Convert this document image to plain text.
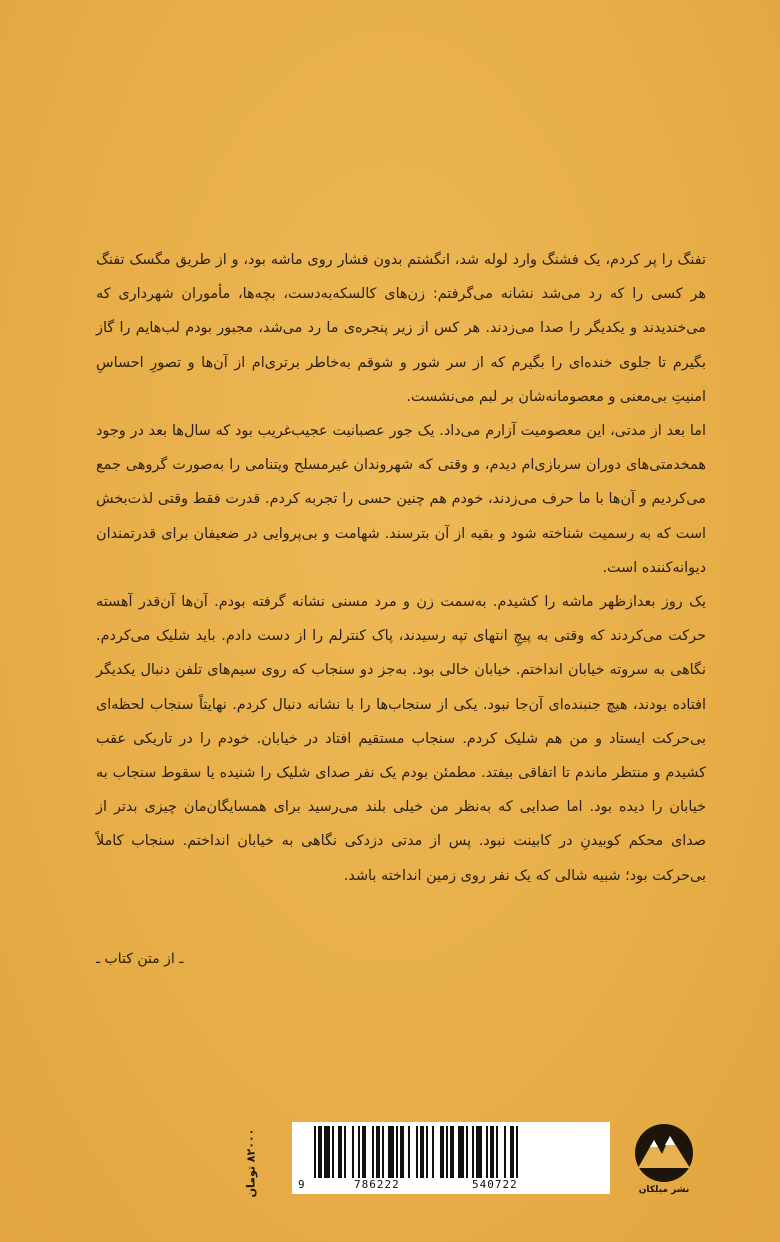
تفنگ را پر کردم، یک فشنگ وارد لوله شد، انگشتم بدون فشار روی ماشه بود، و از طریق مگسک تفنگ هر کسی را که رد می‌شد نشانه می‌گرفتم: زن‌های کالسکه‌به‌دست، بچه‌ها، مأموران شهرداری که می‌خندیدند و یکدیگر را صدا می‌زدند. هر کس از زیر پنجره‌ی ما رد می‌شد، مجبور بودم لب‌هایم را گاز بگیرم تا جلوی خنده‌ای را بگیرم که از سر شور و شوقم به‌خاطر برتری‌ام از آن‌ها و تصورِ احساسِ امنیتِ بی‌معنی و معصومانه‌شان بر لبم می‌نشست.

اما بعد از مدتی، این معصومیت آزارم می‌داد. یک جور عصبانیت عجیب‌غریب بود که سال‌ها بعد در وجود همخدمتی‌های دوران سربازی‌ام دیدم، و وقتی که شهروندان غیرمسلح ویتنامی را به‌صورت گروهی جمع می‌کردیم و آن‌ها با ما حرف می‌زدند، خودم هم چنین حسی را تجربه کردم. قدرت فقط وقتی لذت‌بخش است که به رسمیت شناخته شود و بقیه از آن بترسند. شهامت و بی‌پروایی در ضعیفان برای قدرتمندان دیوانه‌کننده است.

یک روز بعدازظهر ماشه را کشیدم. به‌سمت زن و مرد مسنی نشانه گرفته بودم. آن‌ها آن‌قدر آهسته حرکت می‌کردند که وقتی به پیچِ انتهای تپه رسیدند، پاک کنترلم را از دست دادم. باید شلیک می‌کردم. نگاهی به سروته خیابان انداختم. خیابان خالی بود. به‌جز دو سنجاب که روی سیم‌های تلفن دنبال یکدیگر افتاده بودند، هیچ جنبنده‌ای آن‌جا نبود. یکی از سنجاب‌ها را با نشانه دنبال کردم. نهایتاً سنجاب لحظه‌ای بی‌حرکت ایستاد و من هم شلیک کردم. سنجاب مستقیم افتاد در خیابان. خودم را در تاریکی عقب کشیدم و منتظر ماندم تا اتفاقی بیفتد. مطمئن بودم یک نفر صدای شلیک را شنیده یا سقوط سنجاب به خیابان را دیده بود. اما صدایی که به‌نظر من خیلی بلند می‌رسید برای همسایگان‌مان چیزی بدتر از صدای محکم کوبیدنِ در کابینت نبود. پس از مدتی دزدکی نگاهی به خیابان انداختم. سنجاب کاملاً بی‌حرکت بود؛ شبیه شالی که یک نفر روی زمین انداخته باشد.

ـ از متن کتاب ـ
۸۲۰۰۰ تومان
9	786222	540722	نشر میلکان
